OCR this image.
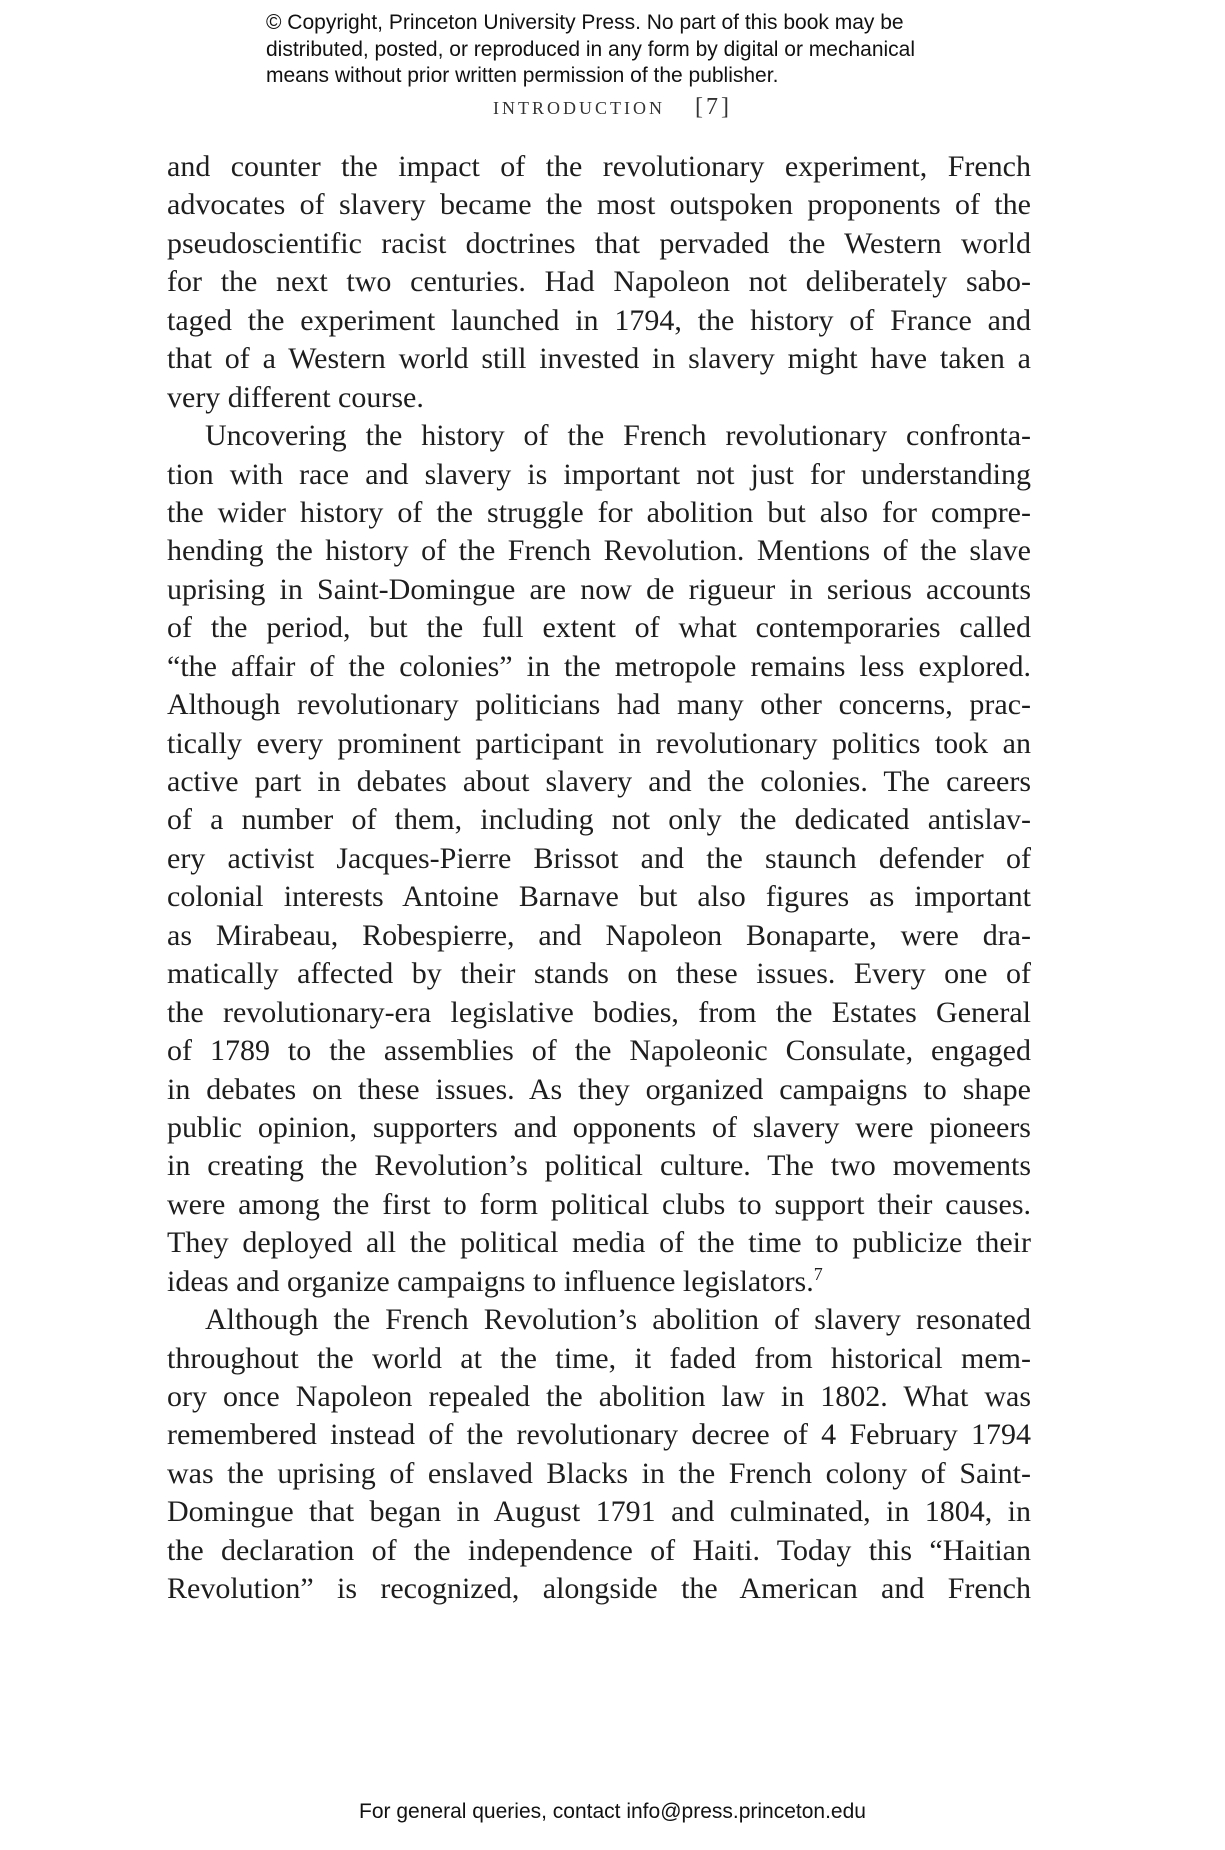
© Copyright, Princeton University Press. No part of this book may be
distributed, posted, or reproduced in any form by digital or mechanical
means without prior written permission of the publisher.
INTRODUCTION [7]
and counter the impact of the revolutionary experiment, French
advocates of slavery became the most outspoken proponents of the
pseudoscientific racist doctrines that pervaded the Western world
for the next two centuries. Had Napoleon not deliberately sabo-
taged the experiment launched in 1794, the history of France and
that of a Western world still invested in slavery might have taken a
very different course.
Uncovering the history of the French revolutionary confronta-
tion with race and slavery is important not just for understanding
the wider history of the struggle for abolition but also for compre-
hending the history of the French Revolution. Mentions of the slave
uprising in Saint-Domingue are now de rigueur in serious accounts
of the period, but the full extent of what contemporaries called
“the affair of the colonies” in the metropole remains less explored.
Although revolutionary politicians had many other concerns, prac-
tically every prominent participant in revolutionary politics took an
active part in debates about slavery and the colonies. The careers
of a number of them, including not only the dedicated antislav-
ery activist Jacques-Pierre Brissot and the staunch defender of
colonial interests Antoine Barnave but also figures as important
as Mirabeau, Robespierre, and Napoleon Bonaparte, were dra-
matically affected by their stands on these issues. Every one of
the revolutionary-era legislative bodies, from the Estates General
of 1789 to the assemblies of the Napoleonic Consulate, engaged
in debates on these issues. As they organized campaigns to shape
public opinion, supporters and opponents of slavery were pioneers
in creating the Revolution’s political culture. The two movements
were among the first to form political clubs to support their causes.
They deployed all the political media of the time to publicize their
ideas and organize campaigns to influence legislators.$^7$
Although the French Revolution’s abolition of slavery resonated
throughout the world at the time, it faded from historical mem-
ory once Napoleon repealed the abolition law in 1802. What was
remembered instead of the revolutionary decree of 4 February 1794
was the uprising of enslaved Blacks in the French colony of Saint-
Domingue that began in August 1791 and culminated, in 1804, in
the declaration of the independence of Haiti. Today this “Haitian
Revolution” is recognized, alongside the American and French
For general queries, contact info@press.princeton.edu
